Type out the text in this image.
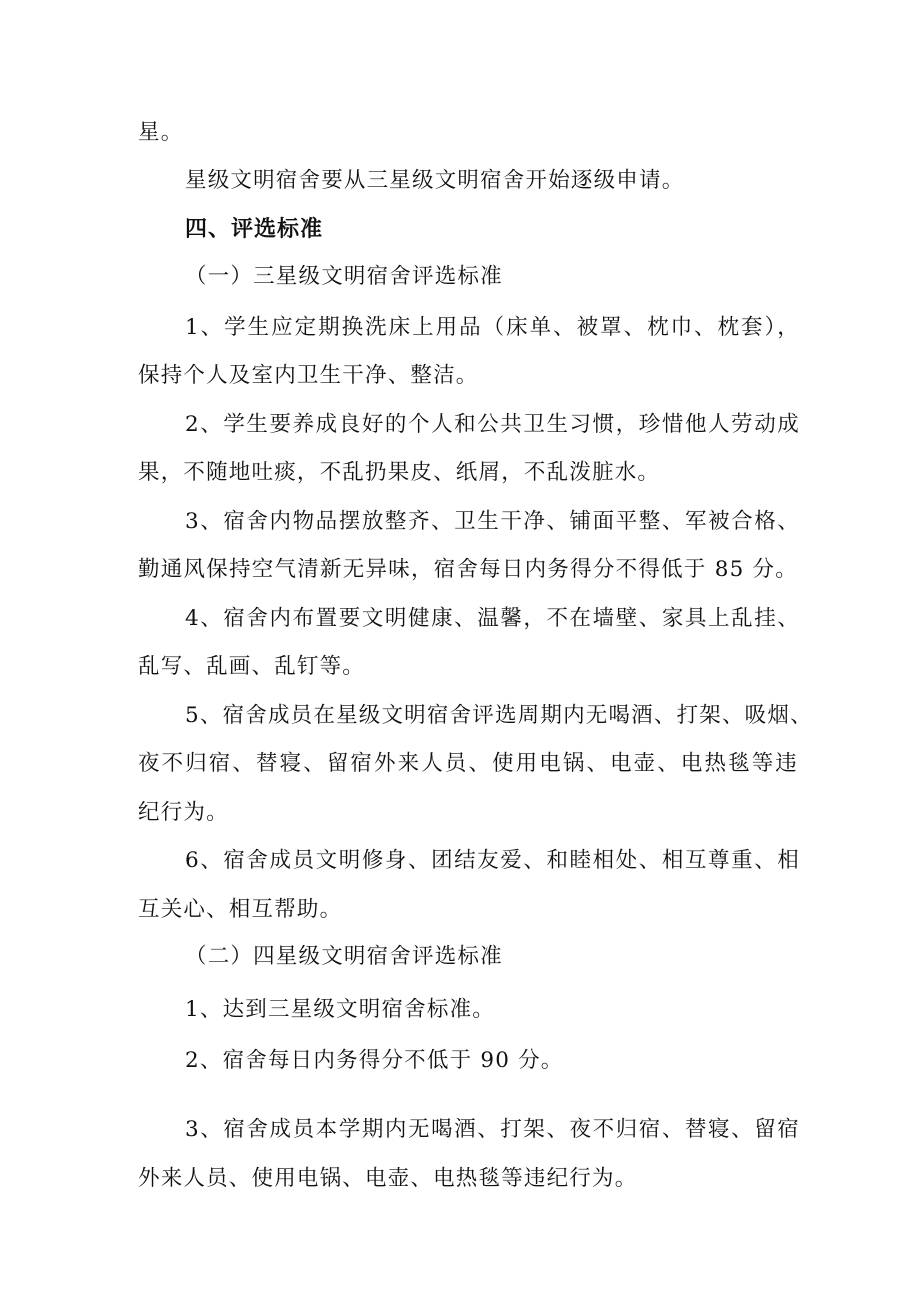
星。
星级文明宿舍要从三星级文明宿舍开始逐级申请。
四、评选标准
（一）三星级文明宿舍评选标准
1、学生应定期换洗床上用品（床单、被罩、枕巾、枕套），
保持个人及室内卫生干净、整洁。
2、学生要养成良好的个人和公共卫生习惯，珍惜他人劳动成
果，不随地吐痰，不乱扔果皮、纸屑，不乱泼脏水。
3、宿舍内物品摆放整齐、卫生干净、铺面平整、军被合格、
勤通风保持空气清新无异味，宿舍每日内务得分不得低于 85 分。
4、宿舍内布置要文明健康、温馨，不在墙壁、家具上乱挂、
乱写、乱画、乱钉等。
5、宿舍成员在星级文明宿舍评选周期内无喝酒、打架、吸烟、
夜不归宿、替寝、留宿外来人员、使用电锅、电壶、电热毯等违
纪行为。
6、宿舍成员文明修身、团结友爱、和睦相处、相互尊重、相
互关心、相互帮助。
（二）四星级文明宿舍评选标准
1、达到三星级文明宿舍标准。
2、宿舍每日内务得分不低于 90 分。
3、宿舍成员本学期内无喝酒、打架、夜不归宿、替寝、留宿
外来人员、使用电锅、电壶、电热毯等违纪行为。
